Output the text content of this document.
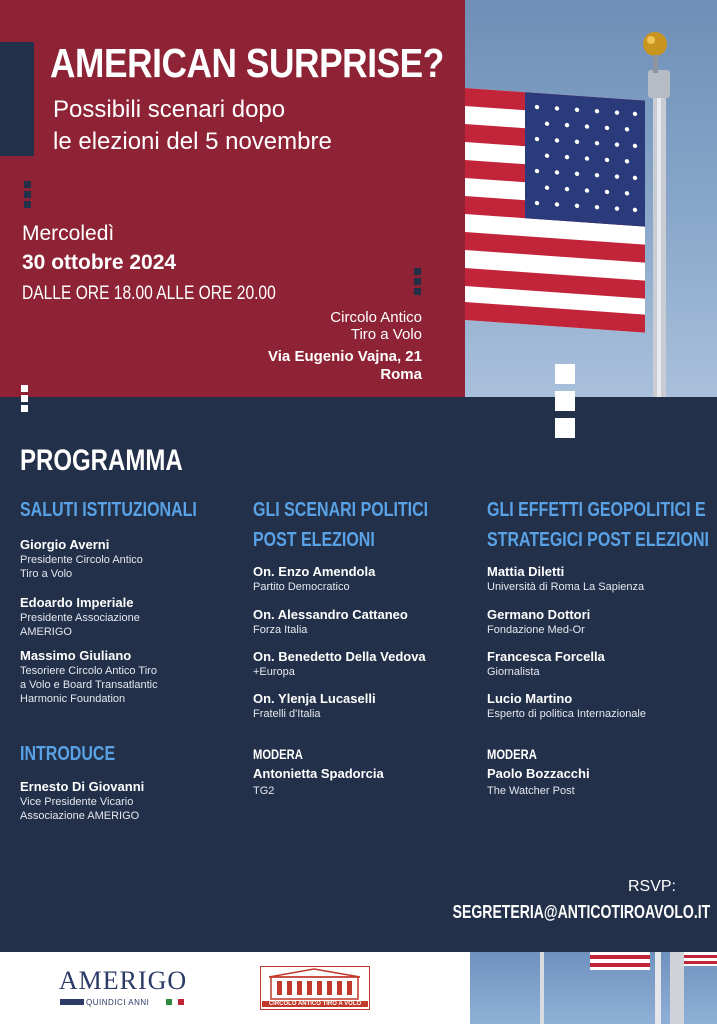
AMERICAN SURPRISE?
Possibili scenari dopo
le elezioni del 5 novembre
Mercoledì
30 ottobre 2024
DALLE ORE 18.00 ALLE ORE 20.00
Circolo Antico
Tiro a Volo
Via Eugenio Vajna, 21
Roma
PROGRAMMA
SALUTI ISTITUZIONALI
Giorgio Averni
Presidente Circolo Antico
Tiro a Volo
Edoardo Imperiale
Presidente Associazione
AMERIGO
Massimo Giuliano
Tesoriere Circolo Antico Tiro
a Volo e Board Transatlantic
Harmonic Foundation
INTRODUCE
Ernesto Di Giovanni
Vice Presidente Vicario
Associazione AMERIGO
GLI SCENARI POLITICI
POST ELEZIONI
On. Enzo Amendola
Partito Democratico
On. Alessandro Cattaneo
Forza Italia
On. Benedetto Della Vedova
+Europa
On. Ylenja Lucaselli
Fratelli d'Italia
MODERA
Antonietta Spadorcia
TG2
GLI EFFETTI GEOPOLITICI E
STRATEGICI POST ELEZIONI
Mattia Diletti
Università di Roma La Sapienza
Germano Dottori
Fondazione Med-Or
Francesca Forcella
Giornalista
Lucio Martino
Esperto di politica Internazionale
MODERA
Paolo Bozzacchi
The Watcher Post
RSVP:
SEGRETERIA@ANTICOTIROAVOLO.IT
AMERIGO
QUINDICI ANNI	CIRCOLO ANTICO TIRO A VOLO
